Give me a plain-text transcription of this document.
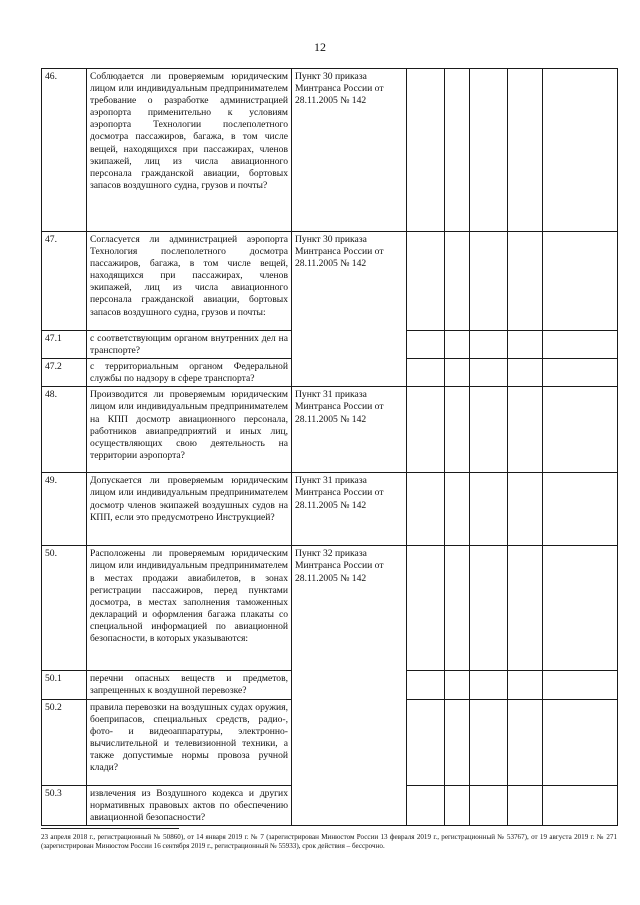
12
46.	Соблюдается ли проверяемым юридическим лицом или индивидуальным предпринимателем требование о разработке администрацией аэропорта применительно к условиям аэропорта Технологии послеполетного досмотра пассажиров, багажа, в том числе вещей, находящихся при пассажирах, членов экипажей, лиц из числа авиационного персонала гражданской авиации, бортовых запасов воздушного судна, грузов и почты?	Пункт 30 приказа Минтранса России от 28.11.2005 № 142					
47.	Согласуется ли администрацией аэропорта Технология послеполетного досмотра пассажиров, багажа, в том числе вещей, находящихся при пассажирах, членов экипажей, лиц из числа авиационного персонала гражданской авиации, бортовых запасов воздушного судна, грузов и почты:	Пункт 30 приказа Минтранса России от 28.11.2005 № 142					
47.1	с соответствующим органом внутренних дел на транспорте?						
47.2	с территориальным органом Федеральной службы по надзору в сфере транспорта?						
48.	Производится ли проверяемым юридическим лицом или индивидуальным предпринимателем на КПП досмотр авиационного персонала, работников авиапредприятий и иных лиц, осуществляющих свою деятельность на территории аэропорта?	Пункт 31 приказа Минтранса России от 28.11.2005 № 142					
49.	Допускается ли проверяемым юридическим лицом или индивидуальным предпринимателем досмотр членов экипажей воздушных судов на КПП, если это предусмотрено Инструкцией?	Пункт 31 приказа Минтранса России от 28.11.2005 № 142					
50.	Расположены ли проверяемым юридическим лицом или индивидуальным предпринимателем в местах продажи авиабилетов, в зонах регистрации пассажиров, перед пунктами досмотра, в местах заполнения таможенных деклараций и оформления багажа плакаты со специальной информацией по авиационной безопасности, в которых указываются:	Пункт 32 приказа Минтранса России от 28.11.2005 № 142					
50.1	перечни опасных веществ и предметов, запрещенных к воздушной перевозке?						
50.2	правила перевозки на воздушных судах оружия, боеприпасов, специальных средств, радио-, фото- и видеоаппаратуры, электронно-вычислительной и телевизионной техники, а также допустимые нормы провоза ручной клади?						
50.3	извлечения из Воздушного кодекса и других нормативных правовых актов по обеспечению авиационной безопасности?						
23 апреля 2018 г., регистрационный № 50860), от 14 января 2019 г. № 7 (зарегистрирован Минюстом России 13 февраля 2019 г., регистрационный № 53767), от 19 августа 2019 г. № 271 (зарегистрирован Минюстом России 16 сентября 2019 г., регистрационный № 55933), срок действия – бессрочно.
